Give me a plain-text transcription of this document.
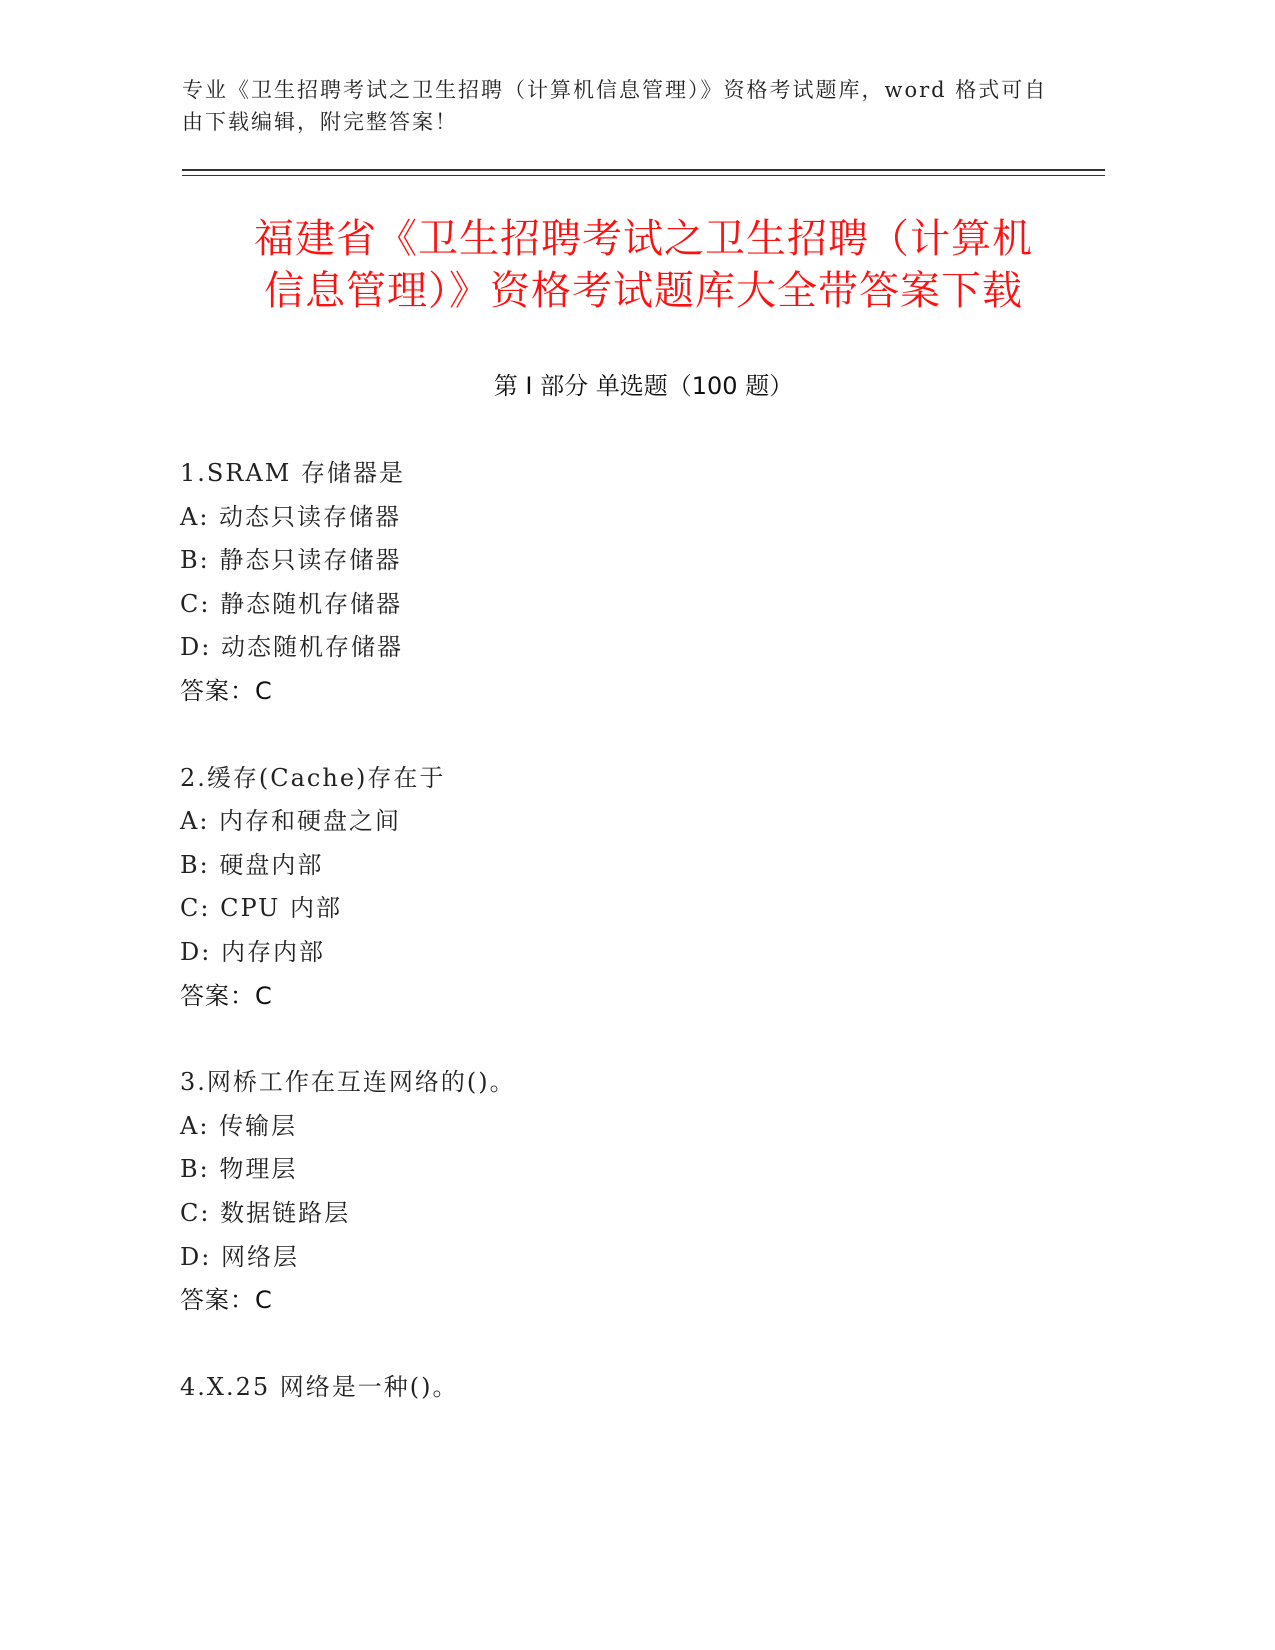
专业《卫生招聘考试之卫生招聘（计算机信息管理）》资格考试题库，word 格式可自由下载编辑，附完整答案！
福建省《卫生招聘考试之卫生招聘（计算机
信息管理）》资格考试题库大全带答案下载
第 I 部分 单选题（100 题）
1.SRAM 存储器是
A: 动态只读存储器
B: 静态只读存储器
C: 静态随机存储器
D: 动态随机存储器
答案：C
2.缓存(Cache)存在于
A: 内存和硬盘之间
B: 硬盘内部
C: CPU 内部
D: 内存内部
答案：C
3.网桥工作在互连网络的()。
A: 传输层
B: 物理层
C: 数据链路层
D: 网络层
答案：C
4.X.25 网络是一种()。
